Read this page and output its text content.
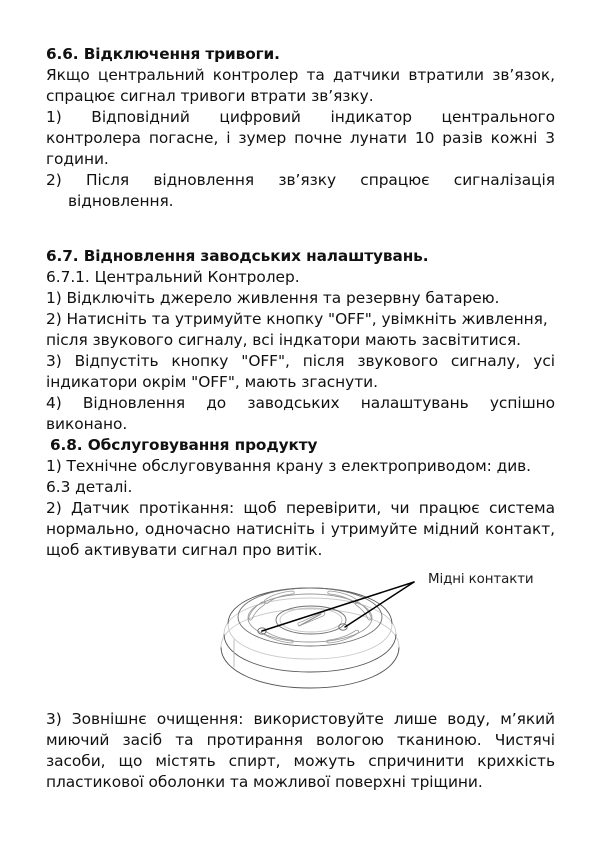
6.6. Відключення тривоги.

Якщо центральний контролер та датчики втратили зв’язок, спрацює сигнал тривоги втрати зв’язку.

1) Відповідний цифровий індикатор центрального контролера погасне, і зумер почне лунати 10 разів кожні 3 години.

2) Після відновлення зв’язку спрацює сигналізація відновлення.

6.7. Відновлення заводських налаштувань.

6.7.1. Центральний Контролер.

1) Відключіть джерело живлення та резервну батарею.

2) Натисніть та утримуйте кнопку "OFF", увімкніть живлення, після звукового сигналу, всі індкатори мають засвітитися.

3) Відпустіть кнопку "OFF", після звукового сигналу, усі індикатори окрім "OFF", мають згаснути.

4) Відновлення до заводських налаштувань успішно виконано.

6.8. Обслуговування продукту

1) Технічне обслуговування крану з електроприводом: див. 6.3 деталі.

2) Датчик протікання: щоб перевірити, чи працює система нормально, одночасно натисніть і утримуйте мідний контакт, щоб активувати сигнал про витік.

Мідні контакти

3) Зовнішнє очищення: використовуйте лише воду, м’який миючий засіб та протирання вологою тканиною. Чистячі засоби, що містять спирт, можуть спричинити крихкість пластикової оболонки та можливої поверхні тріщини.
